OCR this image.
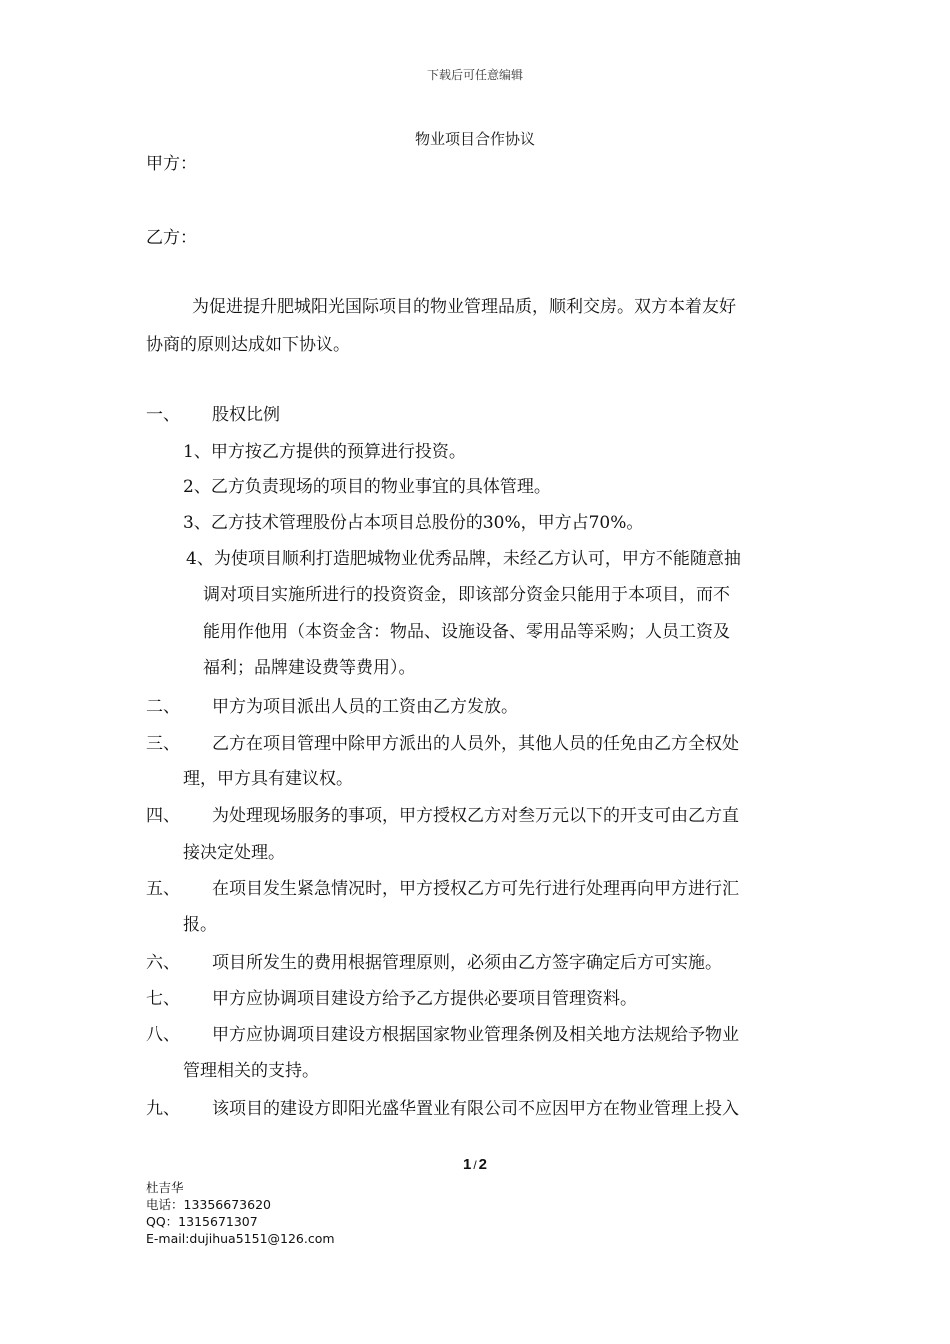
下载后可任意编辑
物业项目合作协议
甲方：
乙方：
为促进提升肥城阳光国际项目的物业管理品质，顺利交房。双方本着友好
协商的原则达成如下协议。
一、 股权比例
1、甲方按乙方提供的预算进行投资。
2、乙方负责现场的项目的物业事宜的具体管理。
3、乙方技术管理股份占本项目总股份的30%，甲方占70%。
4、为使项目顺利打造肥城物业优秀品牌，未经乙方认可，甲方不能随意抽
调对项目实施所进行的投资资金，即该部分资金只能用于本项目，而不
能用作他用（本资金含：物品、设施设备、零用品等采购；人员工资及
福利；品牌建设费等费用）。
二、 甲方为项目派出人员的工资由乙方发放。
三、 乙方在项目管理中除甲方派出的人员外，其他人员的任免由乙方全权处
理，甲方具有建议权。
四、 为处理现场服务的事项，甲方授权乙方对叁万元以下的开支可由乙方直
接决定处理。
五、 在项目发生紧急情况时，甲方授权乙方可先行进行处理再向甲方进行汇
报。
六、 项目所发生的费用根据管理原则，必须由乙方签字确定后方可实施。
七、 甲方应协调项目建设方给予乙方提供必要项目管理资料。
八、 甲方应协调项目建设方根据国家物业管理条例及相关地方法规给予物业
管理相关的支持。
九、 该项目的建设方即阳光盛华置业有限公司不应因甲方在物业管理上投入
1 / 2
杜吉华
电话：13356673620
QQ：1315671307
E-mail:dujihua5151@126.com
